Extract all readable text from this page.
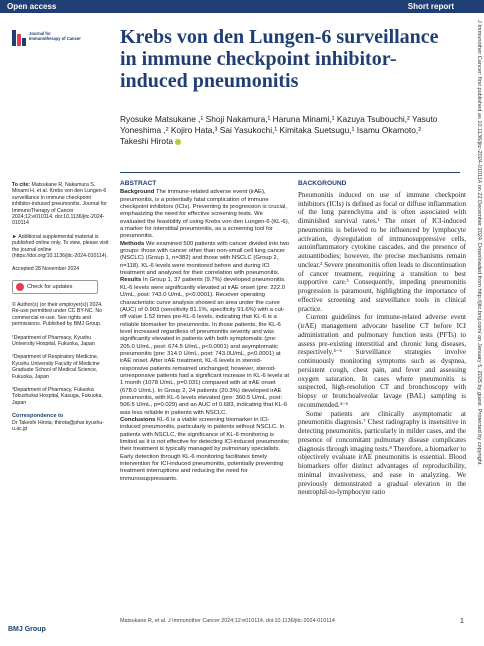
Open access	Short report
J Immunother Cancer: first published as 10.1136/jitc-2024-010114 on 22 December 2024. Downloaded from http://jitc.bmj.com/ on January 5, 2025 by guest. Protected by copyright.
Journal for Immunotherapy of Cancer Krebs von den Lungen-6 surveillance in immune checkpoint inhibitor-induced pneumonitis
Ryosuke Matsukane ,¹ Shoji Nakamura,¹ Haruna Minami,¹ Kazuya Tsubouchi,² Yasuto Yoneshima ,² Kojiro Hata,³ Sai Yasukochi,¹ Kimitaka Suetsugu,¹ Isamu Okamoto,² Takeshi Hirota
To cite: Matsukane R, Nakamura S, Minami H, et al. Krebs von den Lungen-6 surveillance in immune checkpoint inhibitor-induced pneumonitis. Journal for ImmunoTherapy of Cancer 2024;12:e010114. doi:10.1136/jitc-2024-010114
► Additional supplemental material is published online only. To view, please visit the journal online (https://doi.org/10.1136/jitc-2024-010114).
Accepted 28 November 2024
Check for updates
© Author(s) (or their employer(s)) 2024. Re-use permitted under CC BY-NC. No commercial re-use. See rights and permissions. Published by BMJ Group.
¹Department of Pharmacy, Kyushu University Hospital, Fukuoka, Japan
²Department of Respiratory Medicine, Kyushu University Faculty of Medicine Graduate School of Medical Science, Fukuoka, Japan
³Department of Pharmacy, Fukuoka Tokushukai Hospital, Kasuga, Fukuoka, Japan
Correspondence to
Dr Takeshi Hirota; thirota@phar.kyushu-u.ac.jp
ABSTRACT

Background The immune-related adverse event (irAE), pneumonitis, is a potentially fatal complication of immune checkpoint inhibitors (ICIs). Preventing its progression is crucial, emphasizing the need for effective screening tests. We evaluated the feasibility of using Krebs von den Lungen-6 (KL-6), a marker for interstitial pneumonitis, as a screening tool for pneumonitis.

Methods We examined 500 patients with cancer divided into two groups: those with cancer other than non-small cell lung cancer (NSCLC) (Group 1, n=382) and those with NSCLC (Group 2, n=118). KL-6 levels were monitored before and during ICI treatment and analyzed for their correlation with pneumonitis.

Results In Group 1, 37 patients (9.7%) developed pneumonitis. KL-6 levels were significantly elevated at irAE onset (pre: 222.0 U/mL, post: 743.0 U/mL, p<0.0001). Receiver operating characteristic curve analysis showed an area under the curve (AUC) of 0.903 (sensitivity 81.1%, specificity 91.6%) with a cut-off value 1.52 times pre-KL-6 levels, indicating that KL-6 is a reliable biomarker for pneumonitis. In those patients, the KL-6 level increased regardless of pneumonitis severity and was significantly elevated in patients with both symptomatic (pre: 205.0 U/mL, post: 674.5 U/mL, p<0.0001) and asymptomatic pneumonitis (pre: 314.0 U/mL, post: 743.0U/mL, p<0.0001) at irAE onset. After irAE treatment, KL-6 levels in steroid-responsive patients remained unchanged; however, steroid-unresponsive patients had a significant increase in KL-6 levels at 1 month (1078 U/mL, p=0.031) compared with at irAE onset (678.0 U/mL). In Group 2, 24 patients (20.3%) developed irAE pneumonitis, with KL-6 levels elevated (pre: 360.5 U/mL, post: 506.5 U/mL, p=0.029) and an AUC of 0.683, indicating that KL-6 was less reliable in patients with NSCLC.

Conclusions KL-6 is a viable screening biomarker in ICI-induced pneumonitis, particularly in patients without NSCLC. In patients with NSCLC, the significance of KL-6 monitoring is limited as it is not effective for detecting ICI-induced pneumonitis; their treatment is typically managed by pulmonary specialists. Early detection through KL-6 monitoring facilitates timely intervention for ICI-induced pneumonitis, potentially preventing treatment interruptions and reducing the need for immunosuppressants.

BACKGROUND

Pneumonitis induced on use of immune checkpoint inhibitors (ICIs) is defined as focal or diffuse inflammation of the lung parenchyma and is often associated with diminished survival rates.¹ The onset of ICI-induced pneumonitis is believed to be influenced by lymphocyte activation, dysregulation of immunosuppressive cells, autoinflammatory cytokine cascades, and the presence of autoantibodies; however, the precise mechanisms remain unclear.² Severe pneumonitis often leads to discontinuation of cancer treatment, requiring a transition to best supportive care.³ Consequently, impeding pneumonitis progression is paramount, highlighting the importance of effective screening and surveillance tools in clinical practice.

Current guidelines for immune-related adverse event (irAE) management advocate baseline CT before ICI administration and pulmonary function tests (PFTs) to assess pre-existing interstitial and chronic lung diseases, respectively.⁴⁻⁶ Surveillance strategies involve continuously monitoring symptoms such as dyspnea, persistent cough, chest pain, and fever and assessing oxygen saturation. In cases where pneumonitis is suspected, high-resolution CT and bronchoscopy with biopsy or bronchoalveolar lavage (BAL) sampling is recommended.⁴⁻⁶

Some patients are clinically asymptomatic at pneumonitis diagnosis.⁷ Chest radiography is insensitive in detecting pneumonitis, particularly in milder cases, and the presence of concomitant pulmonary disease complicates diagnosis through imaging tests.⁸ Therefore, a biomarker to objectively evaluate irAE pneumonitis is essential. Blood biomarkers offer distinct advantages of reproducibility, minimal invasiveness, and ease in analyzing. We previously demonstrated a gradual elevation in the neutrophil-to-lymphocyte ratio

BMJ Group
Matsukane R, et al. J Immunother Cancer 2024;12:e010114. doi:10.1136/jitc-2024-010114	1
